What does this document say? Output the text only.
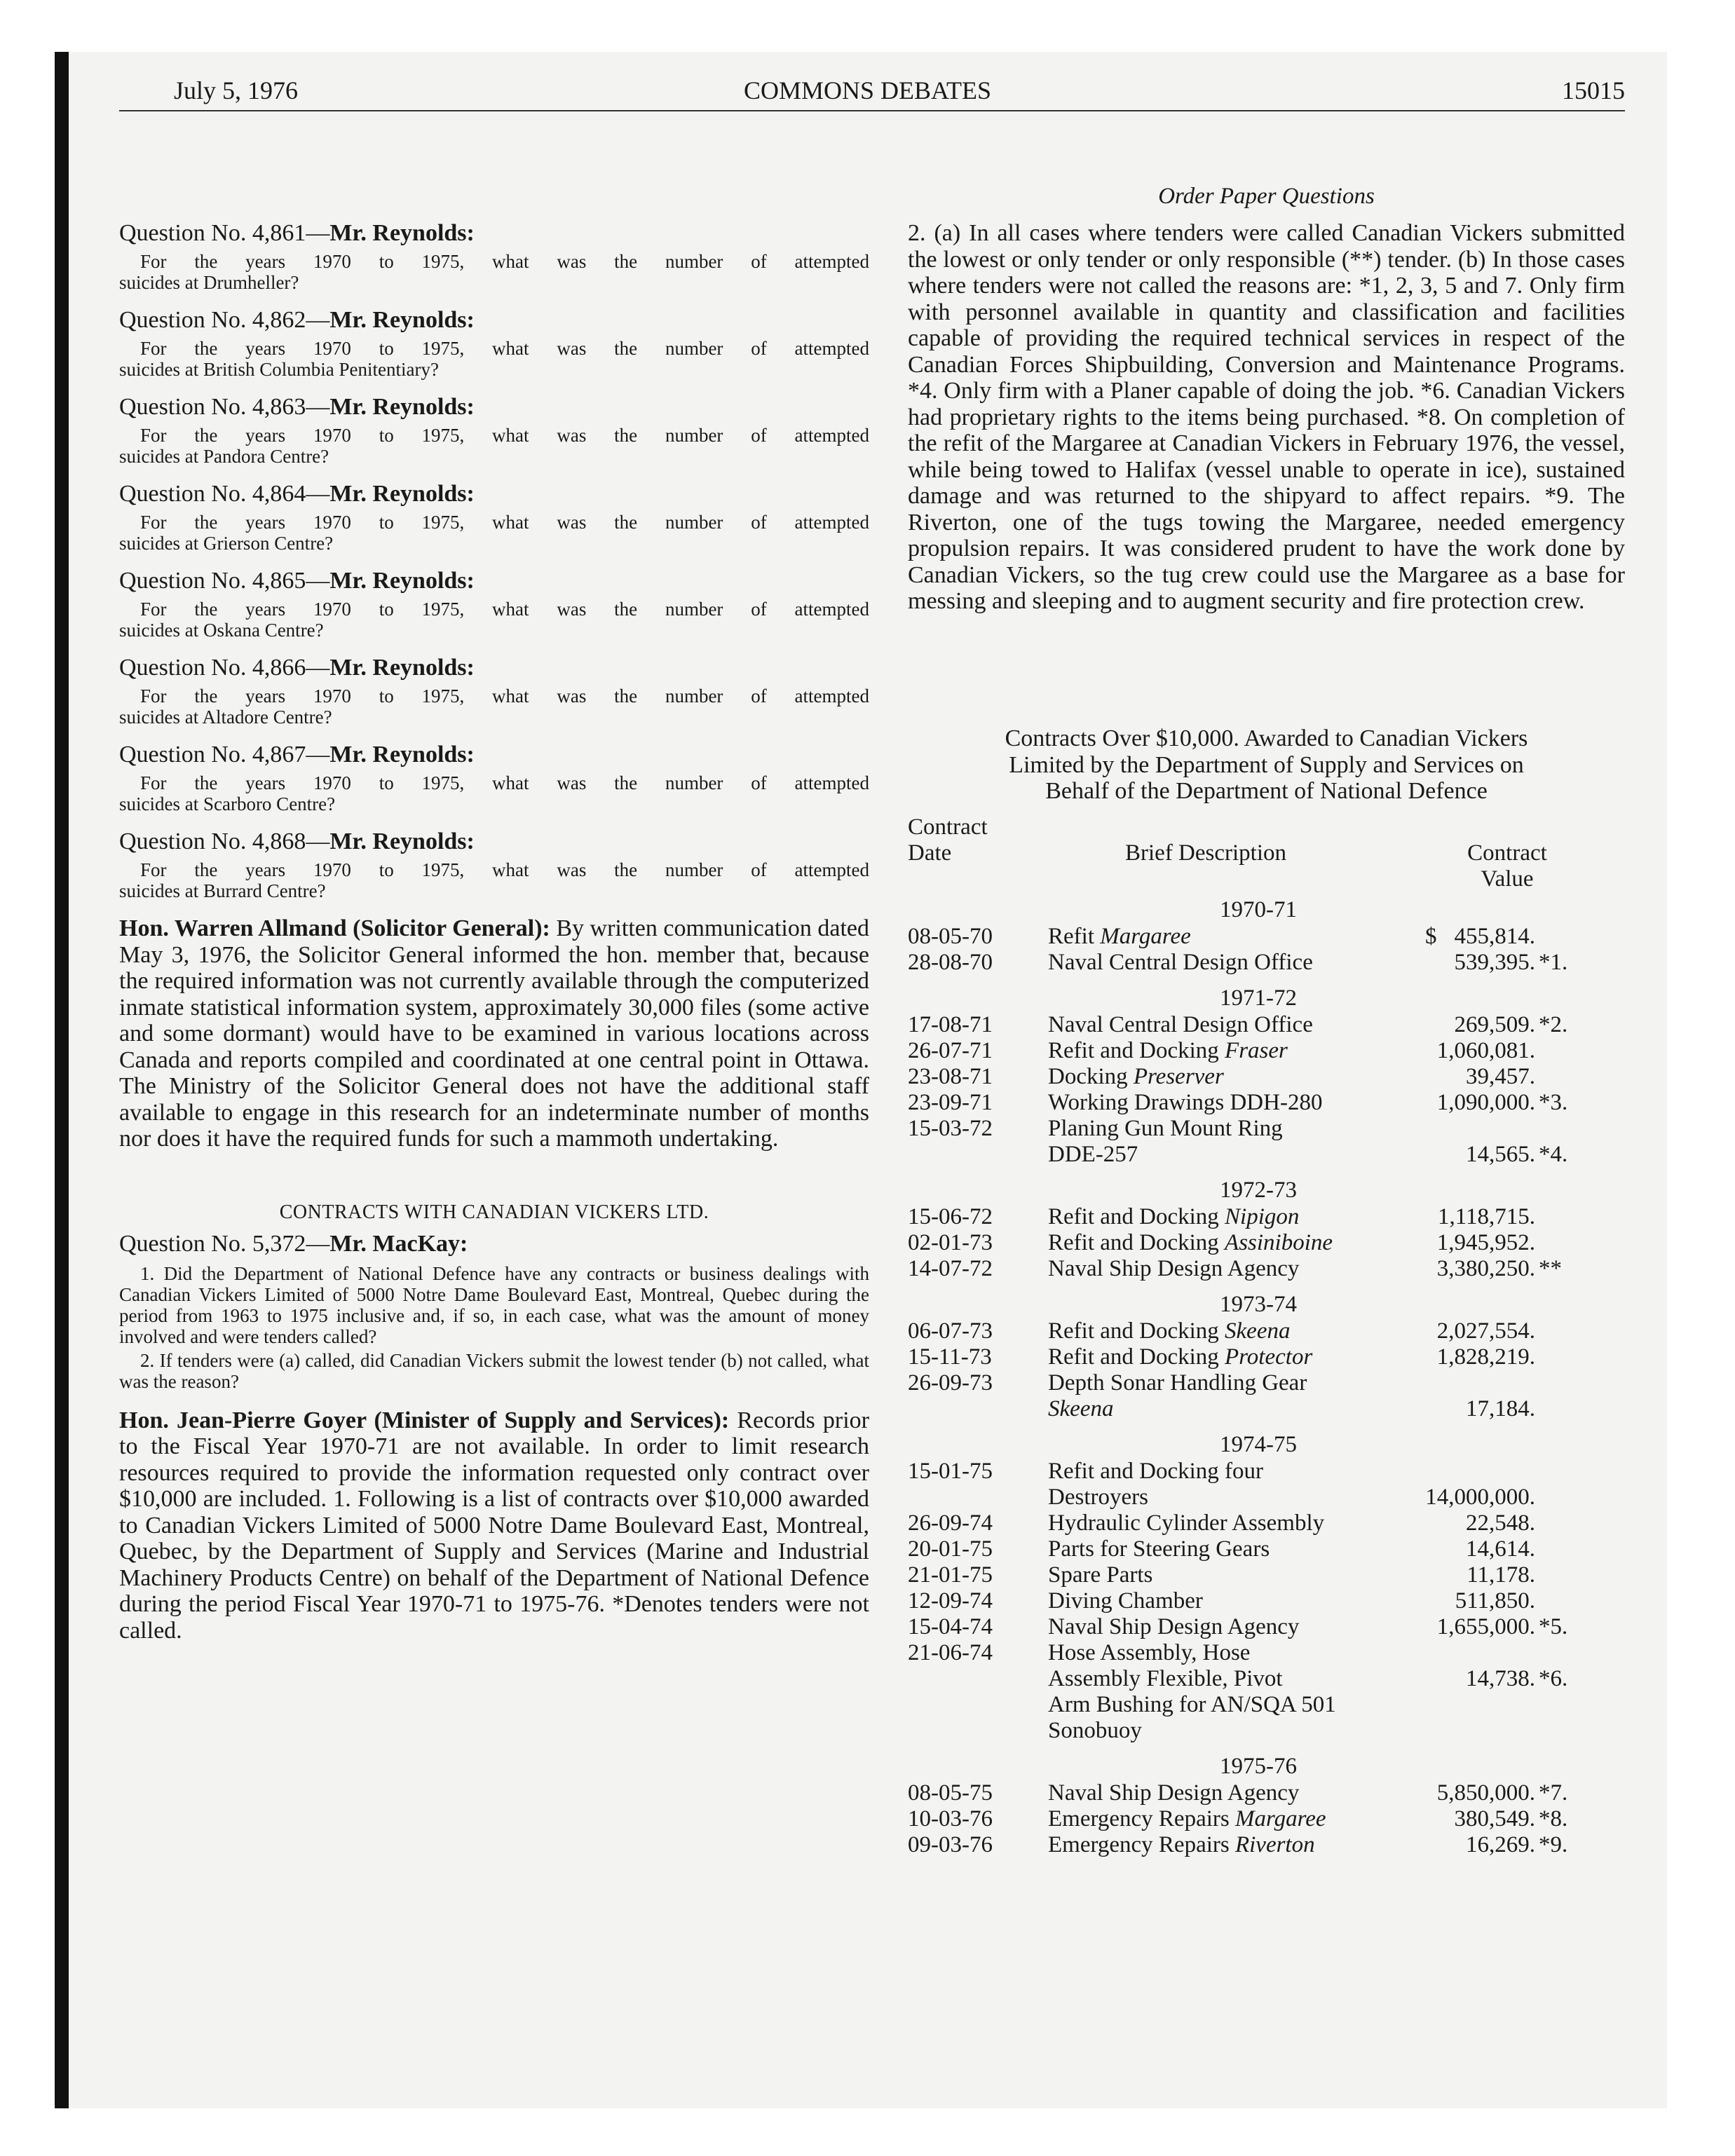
July 5, 1976	COMMONS DEBATES	15015
Question No. 4,861—Mr. Reynolds:
For the years 1970 to 1975, what was the number of attempted
suicides at Drumheller?
Question No. 4,862—Mr. Reynolds:
For the years 1970 to 1975, what was the number of attempted
suicides at British Columbia Penitentiary?
Question No. 4,863—Mr. Reynolds:
For the years 1970 to 1975, what was the number of attempted
suicides at Pandora Centre?
Question No. 4,864—Mr. Reynolds:
For the years 1970 to 1975, what was the number of attempted
suicides at Grierson Centre?
Question No. 4,865—Mr. Reynolds:
For the years 1970 to 1975, what was the number of attempted
suicides at Oskana Centre?
Question No. 4,866—Mr. Reynolds:
For the years 1970 to 1975, what was the number of attempted
suicides at Altadore Centre?
Question No. 4,867—Mr. Reynolds:
For the years 1970 to 1975, what was the number of attempted
suicides at Scarboro Centre?
Question No. 4,868—Mr. Reynolds:
For the years 1970 to 1975, what was the number of attempted
suicides at Burrard Centre?

Hon. Warren Allmand (Solicitor General): By written communication dated May 3, 1976, the Solicitor General informed the hon. member that, because the required information was not currently available through the computerized inmate statistical information system, approximately 30,000 files (some active and some dormant) would have to be examined in various locations across Canada and reports compiled and coordinated at one central point in Ottawa. The Ministry of the Solicitor General does not have the additional staff available to engage in this research for an indeterminate number of months nor does it have the required funds for such a mammoth undertaking.

CONTRACTS WITH CANADIAN VICKERS LTD.
Question No. 5,372—Mr. MacKay:

1. Did the Department of National Defence have any contracts or business dealings with Canadian Vickers Limited of 5000 Notre Dame Boulevard East, Montreal, Quebec during the period from 1963 to 1975 inclusive and, if so, in each case, what was the amount of money involved and were tenders called?

2. If tenders were (a) called, did Canadian Vickers submit the lowest tender (b) not called, what was the reason?

Hon. Jean-Pierre Goyer (Minister of Supply and Services): Records prior to the Fiscal Year 1970-71 are not available. In order to limit research resources required to provide the information requested only contract over $10,000 are included. 1. Following is a list of contracts over $10,000 awarded to Canadian Vickers Limited of 5000 Notre Dame Boulevard East, Montreal, Quebec, by the Department of Supply and Services (Marine and Industrial Machinery Products Centre) on behalf of the Department of National Defence during the period Fiscal Year 1970-71 to 1975-76. *Denotes tenders were not called.

Order Paper Questions

2. (a) In all cases where tenders were called Canadian Vickers submitted the lowest or only tender or only responsible (**) tender. (b) In those cases where tenders were not called the reasons are: *1, 2, 3, 5 and 7. Only firm with personnel available in quantity and classification and facilities capable of providing the required technical services in respect of the Canadian Forces Shipbuilding, Conversion and Maintenance Programs. *4. Only firm with a Planer capable of doing the job. *6. Canadian Vickers had proprietary rights to the items being purchased. *8. On completion of the refit of the Margaree at Canadian Vickers in February 1976, the vessel, while being towed to Halifax (vessel unable to operate in ice), sustained damage and was returned to the shipyard to affect repairs. *9. The Riverton, one of the tugs towing the Margaree, needed emergency propulsion repairs. It was considered prudent to have the work done by Canadian Vickers, so the tug crew could use the Margaree as a base for messing and sleeping and to augment security and fire protection crew.

Contracts Over $10,000. Awarded to Canadian Vickers
Limited by the Department of Supply and Services on
Behalf of the Department of National Defence
Contract
Date	Brief Description	Contract
Value
1970-71
08-05-70	Refit Margaree	455,814.
$
28-08-70	Naval Central Design Office	539,395. *1.
1971-72
17-08-71	Naval Central Design Office	269,509. *2.
26-07-71	Refit and Docking Fraser	1,060,081.
23-08-71	Docking Preserver	39,457.
23-09-71	Working Drawings DDH-280	1,090,000. *3.
15-03-72	Planing Gun Mount Ring
DDE-257	14,565. *4.
1972-73
15-06-72	Refit and Docking Nipigon	1,118,715.
02-01-73	Refit and Docking Assiniboine	1,945,952.
14-07-72	Naval Ship Design Agency	3,380,250. **
1973-74
06-07-73	Refit and Docking Skeena	2,027,554.
15-11-73	Refit and Docking Protector	1,828,219.
26-09-73	Depth Sonar Handling Gear
Skeena	17,184.
1974-75
15-01-75	Refit and Docking four
Destroyers	14,000,000.
26-09-74	Hydraulic Cylinder Assembly	22,548.
20-01-75	Parts for Steering Gears	14,614.
21-01-75	Spare Parts	11,178.
12-09-74	Diving Chamber	511,850.
15-04-74	Naval Ship Design Agency	1,655,000. *5.
21-06-74	Hose Assembly, Hose
Assembly Flexible, Pivot	14,738. *6.
Arm Bushing for AN/SQA 501
Sonobuoy
1975-76
08-05-75	Naval Ship Design Agency	5,850,000. *7.
10-03-76	Emergency Repairs Margaree	380,549. *8.
09-03-76	Emergency Repairs Riverton	16,269. *9.
